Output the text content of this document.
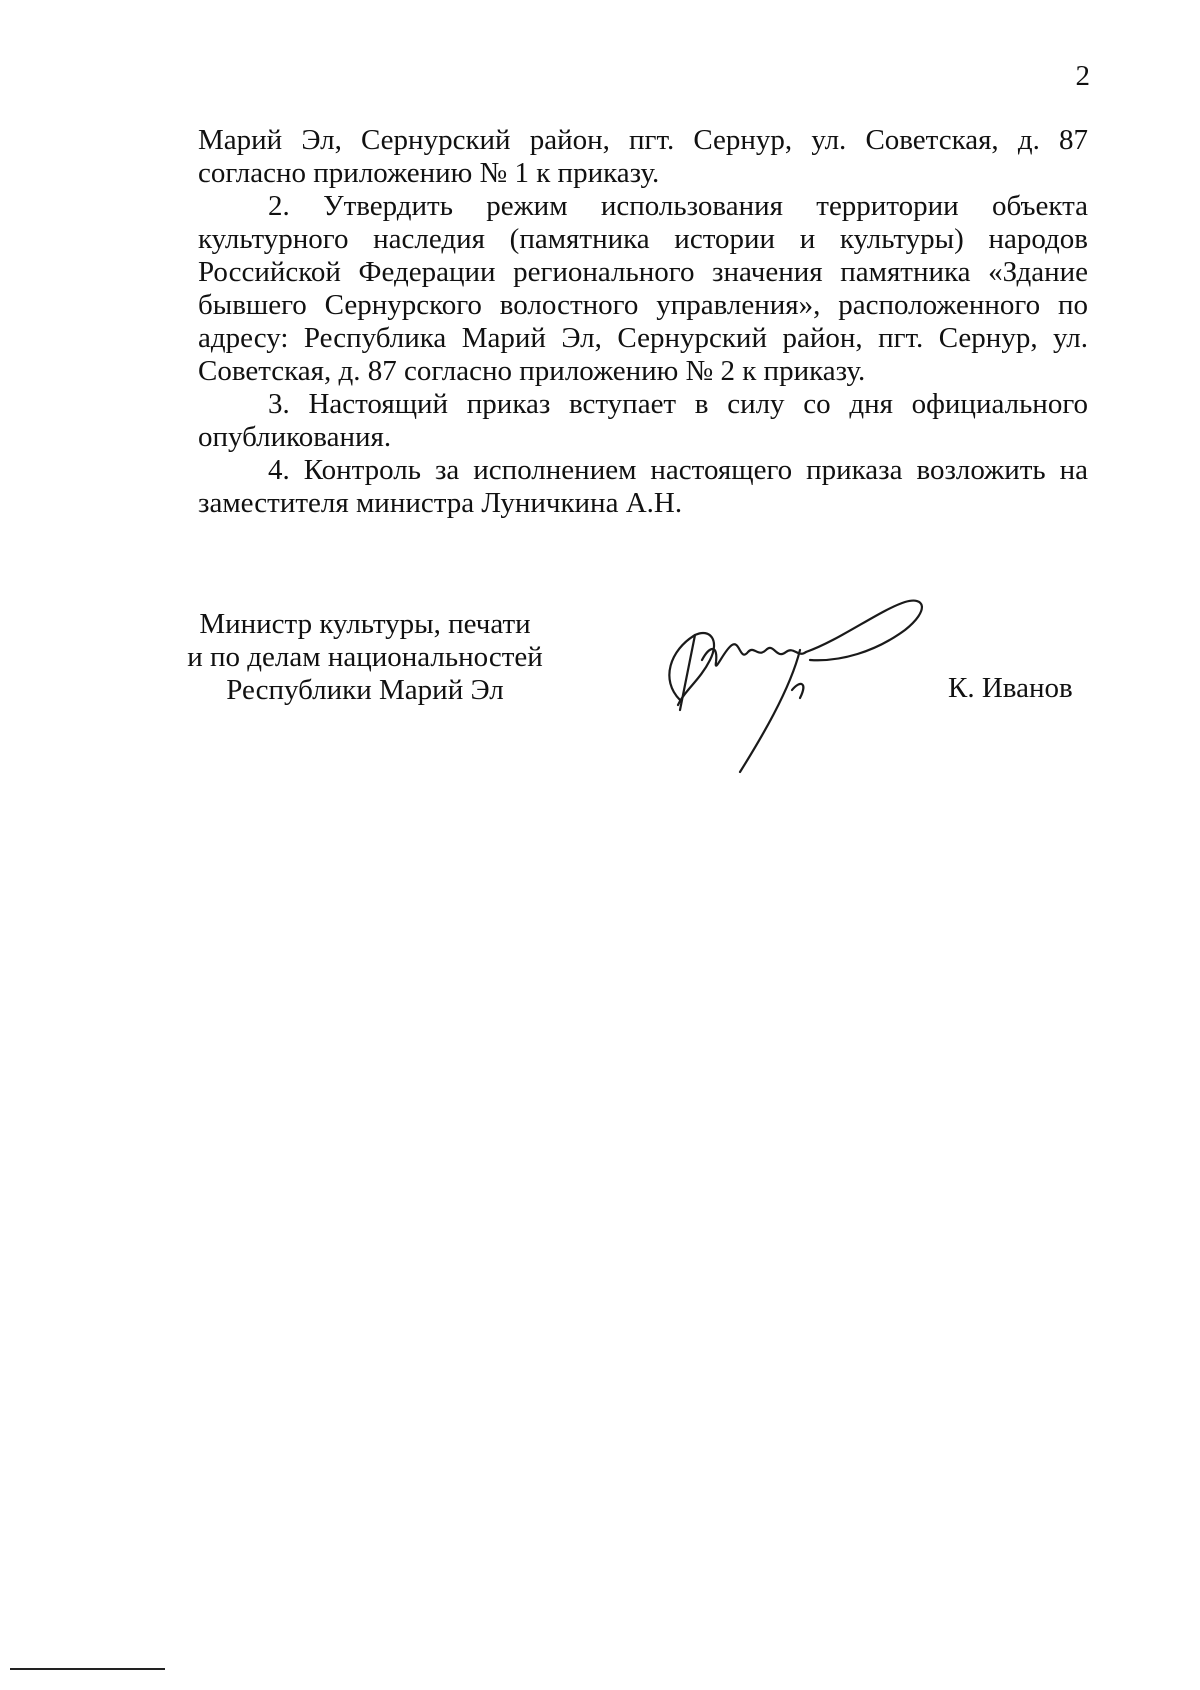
2

Марий Эл, Сернурский район, пгт. Сернур, ул. Советская, д. 87 согласно приложению № 1 к приказу.

2. Утвердить режим использования территории объекта культурного наследия (памятника истории и культуры) народов Российской Федерации регионального значения памятника «Здание бывшего Сернурского волостного управления», расположенного по адресу: Республика Марий Эл, Сернурский район, пгт. Сернур, ул. Советская, д. 87 согласно приложению № 2 к приказу.

3. Настоящий приказ вступает в силу со дня официального опубликования.

4. Контроль за исполнением настоящего приказа возложить на заместителя министра Луничкина А.Н.

Министр культуры, печати
и по делам национальностей
Республики Марий Эл	К. Иванов
